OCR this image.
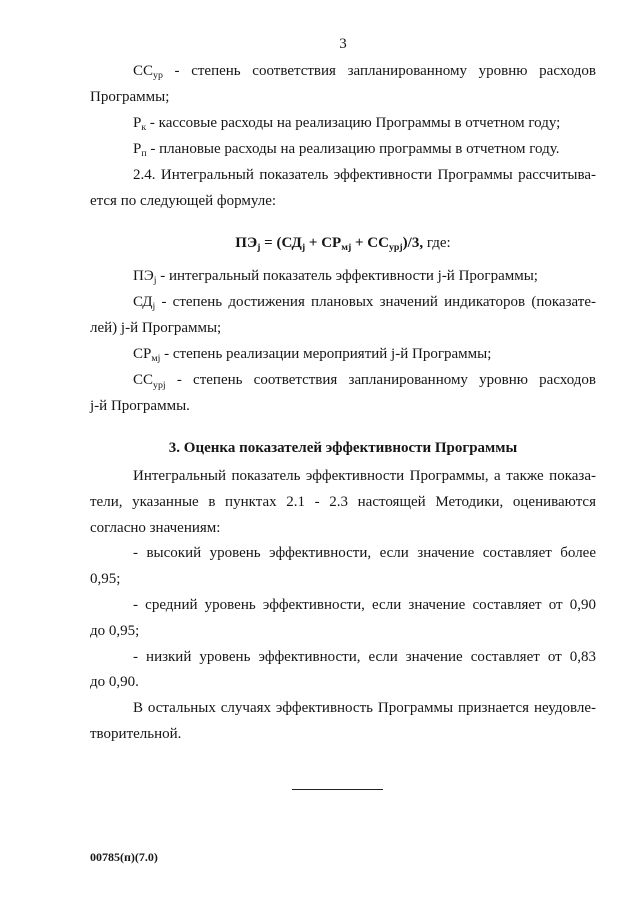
3
$СС_{ур}$ - степень соответствия запланированному уровню расходов
Программы;
$Р_к$ - кассовые расходы на реализацию Программы в отчетном году;
$Р_п$ - плановые расходы на реализацию программы в отчетном году.
2.4. Интегральный показатель эффективности Программы рассчитыва-
ется по следующей формуле:
$ПЭ_j = (СД_j + СР_{мj} + СС_{урj})/3$, где:
$ПЭ_j$ - интегральный показатель эффективности j-й Программы;
$СД_j$ - степень достижения плановых значений индикаторов (показате-
лей) j-й Программы;
$СР_{мj}$ - степень реализации мероприятий j-й Программы;
$СС_{урj}$ - степень соответствия запланированному уровню расходов
j-й Программы.
3. Оценка показателей эффективности Программы
Интегральный показатель эффективности Программы, а также показа-
тели, указанные в пунктах 2.1 - 2.3 настоящей Методики, оцениваются
согласно значениям:
- высокий уровень эффективности, если значение составляет более
0,95;
- средний уровень эффективности, если значение составляет от 0,90
до 0,95;
- низкий уровень эффективности, если значение составляет от 0,83
до 0,90.
В остальных случаях эффективность Программы признается неудовле-
творительной.
00785(п)(7.0)
